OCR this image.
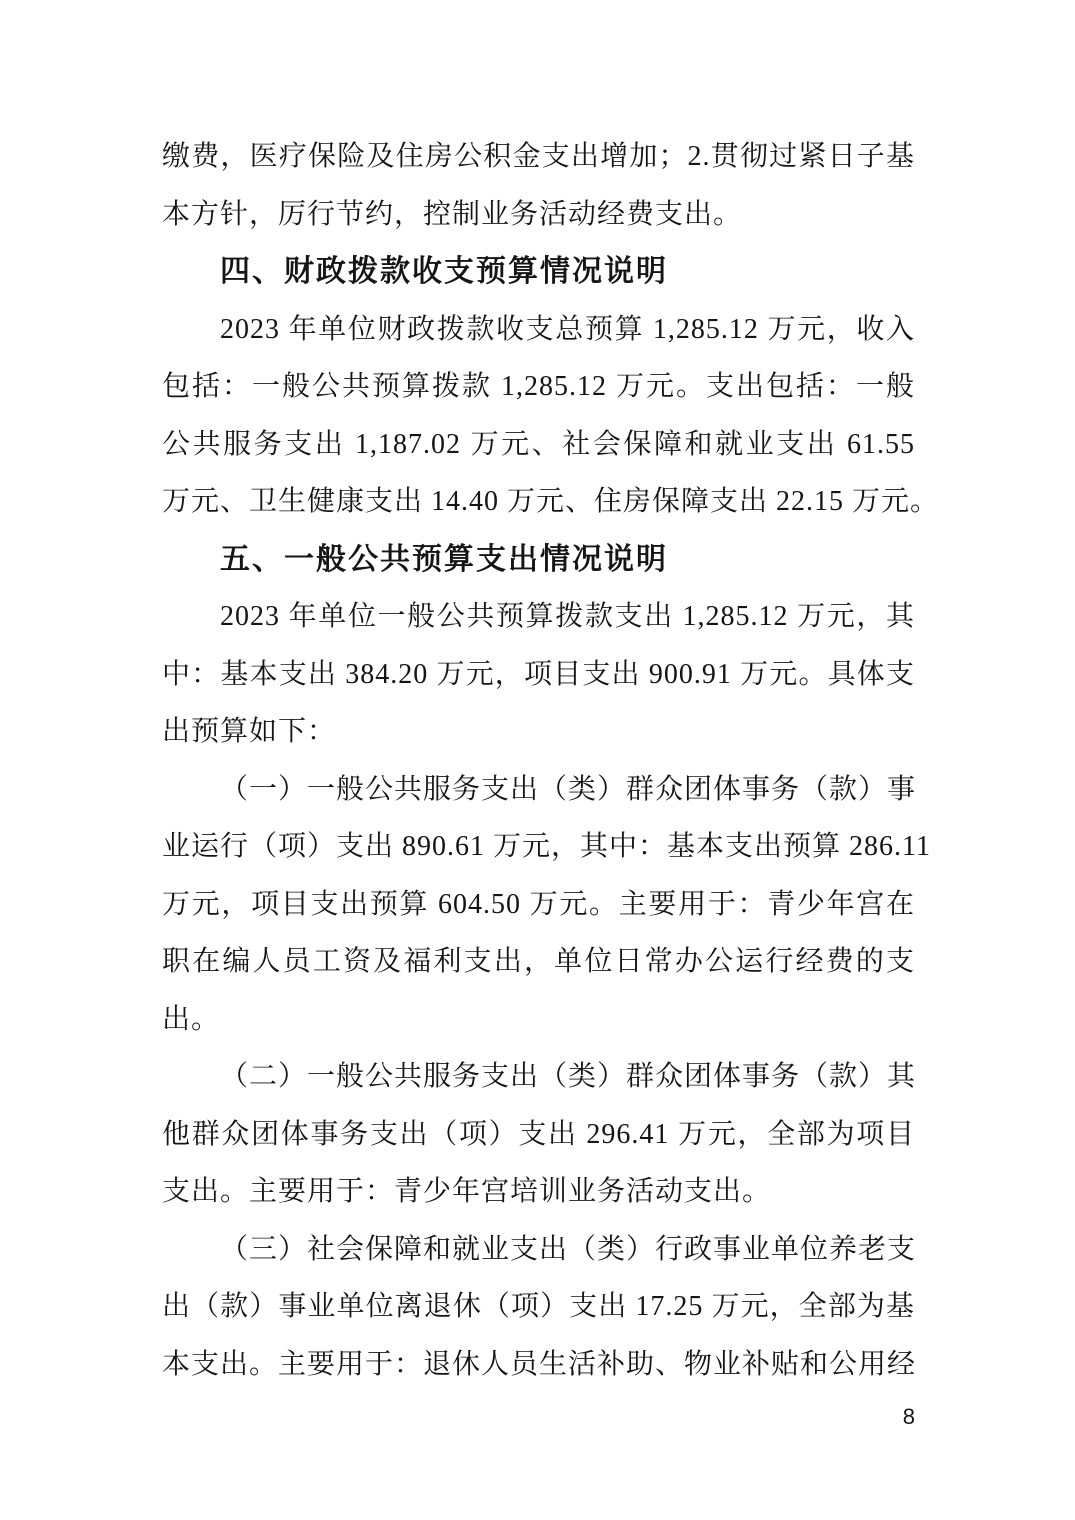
缴费，医疗保险及住房公积金支出增加；2.贯彻过紧日子基
本方针，厉行节约，控制业务活动经费支出。
四、财政拨款收支预算情况说明
2023 年单位财政拨款收支总预算 1,285.12 万元，收入
包括：一般公共预算拨款 1,285.12 万元。支出包括：一般
公共服务支出 1,187.02 万元、社会保障和就业支出 61.55
万元、卫生健康支出 14.40 万元、住房保障支出 22.15 万元。
五、一般公共预算支出情况说明
2023 年单位一般公共预算拨款支出 1,285.12 万元，其
中：基本支出 384.20 万元，项目支出 900.91 万元。具体支
出预算如下：
（一）一般公共服务支出（类）群众团体事务（款）事
业运行（项）支出 890.61 万元，其中：基本支出预算 286.11
万元，项目支出预算 604.50 万元。主要用于：青少年宫在
职在编人员工资及福利支出，单位日常办公运行经费的支
出。
（二）一般公共服务支出（类）群众团体事务（款）其
他群众团体事务支出（项）支出 296.41 万元，全部为项目
支出。主要用于：青少年宫培训业务活动支出。
（三）社会保障和就业支出（类）行政事业单位养老支
出（款）事业单位离退休（项）支出 17.25 万元，全部为基
本支出。主要用于：退休人员生活补助、物业补贴和公用经
8
